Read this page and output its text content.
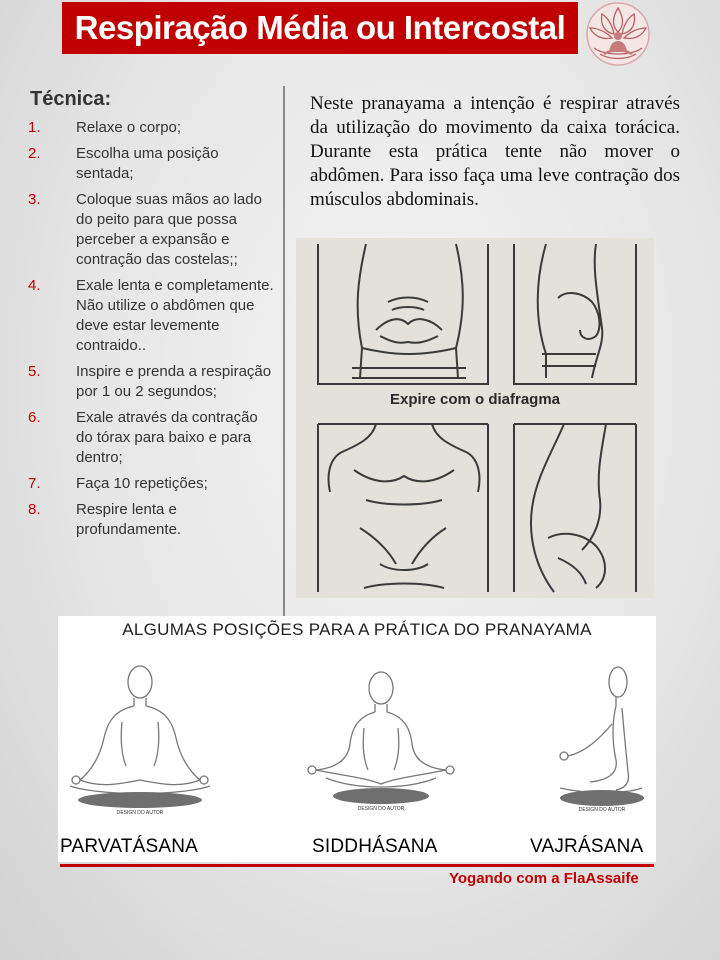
Respiração Média ou Intercostal
Técnica:
1.	Relaxe o corpo;
2.	Escolha uma posição sentada;
3.	Coloque suas mãos ao lado do peito para que possa perceber a expansão e contração das costelas;;
4.	Exale lenta e completamente. Não utilize o abdômen que deve estar levemente contraido..
5.	Inspire e prenda a respiração por 1 ou 2 segundos;
6.	Exale através da contração do tórax para baixo e para dentro;
7.	Faça 10 repetições;
8.	Respire lenta e profundamente.

Neste pranayama a intenção é respirar através da utilização do movimento da caixa torácica. Durante esta prática tente não mover o abdômen. Para isso faça uma leve contração dos músculos abdominais.

Expire com o diafragma
ALGUMAS POSIÇÕES PARA A PRÁTICA DO PRANAYAMA
DESIGN DO AUTOR
DESIGN DO AUTOR	DESIGN DO AUTOR
PARVATÁSANA	SIDDHÁSANA	VAJRÁSANA
Yogando com a FlaAssaife
